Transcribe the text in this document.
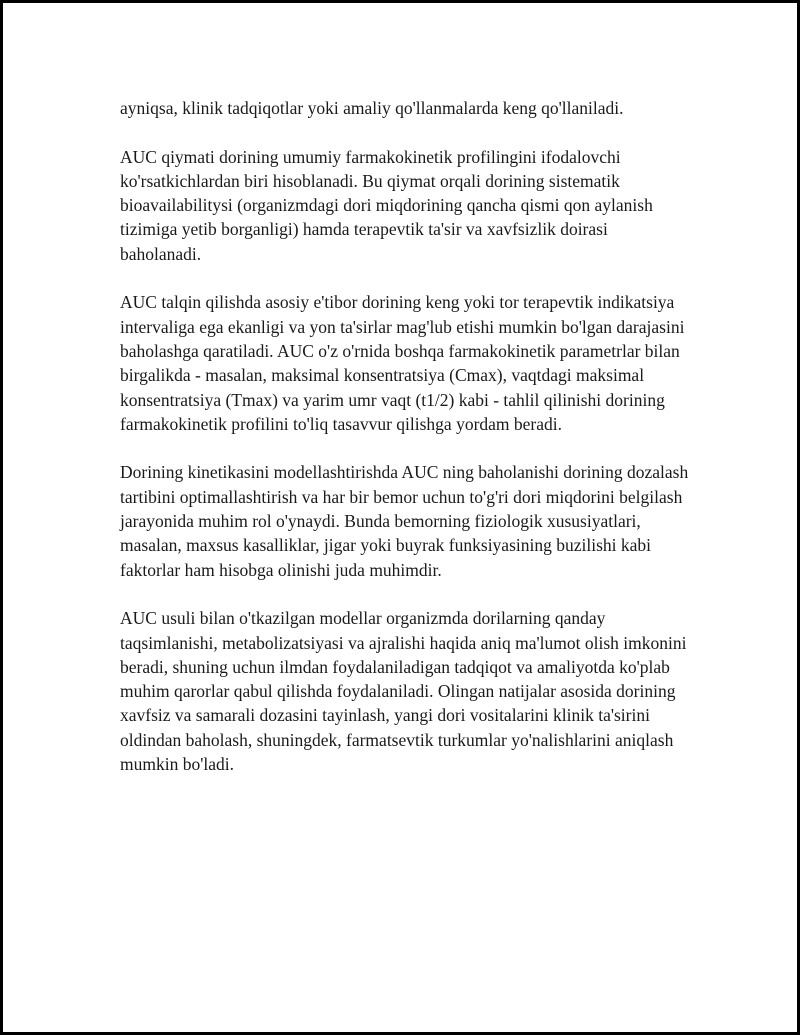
ayniqsa, klinik tadqiqotlar yoki amaliy qo'llanmalarda keng qo'llaniladi.

AUC qiymati dorining umumiy farmakokinetik profilingini ifodalovchi ko'rsatkichlardan biri hisoblanadi. Bu qiymat orqali dorining sistematik bioavailabilitysi (organizmdagi dori miqdorining qancha qismi qon aylanish tizimiga yetib borganligi) hamda terapevtik ta'sir va xavfsizlik doirasi baholanadi.

AUC talqin qilishda asosiy e'tibor dorining keng yoki tor terapevtik indikatsiya intervaliga ega ekanligi va yon ta'sirlar mag'lub etishi mumkin bo'lgan darajasini baholashga qaratiladi. AUC o'z o'rnida boshqa farmakokinetik parametrlar bilan birgalikda - masalan, maksimal konsentratsiya (Cmax), vaqtdagi maksimal konsentratsiya (Tmax) va yarim umr vaqt (t1/2) kabi - tahlil qilinishi dorining farmakokinetik profilini to'liq tasavvur qilishga yordam beradi.

Dorining kinetikasini modellashtirishda AUC ning baholanishi dorining dozalash tartibini optimallashtirish va har bir bemor uchun to'g'ri dori miqdorini belgilash jarayonida muhim rol o'ynaydi. Bunda bemorning fiziologik xususiyatlari, masalan, maxsus kasalliklar, jigar yoki buyrak funksiyasining buzilishi kabi faktorlar ham hisobga olinishi juda muhimdir.

AUC usuli bilan o'tkazilgan modellar organizmda dorilarning qanday taqsimlanishi, metabolizatsiyasi va ajralishi haqida aniq ma'lumot olish imkonini beradi, shuning uchun ilmdan foydalaniladigan tadqiqot va amaliyotda ko'plab muhim qarorlar qabul qilishda foydalaniladi. Olingan natijalar asosida dorining xavfsiz va samarali dozasini tayinlash, yangi dori vositalarini klinik ta'sirini oldindan baholash, shuningdek, farmatsevtik turkumlar yo'nalishlarini aniqlash mumkin bo'ladi.
